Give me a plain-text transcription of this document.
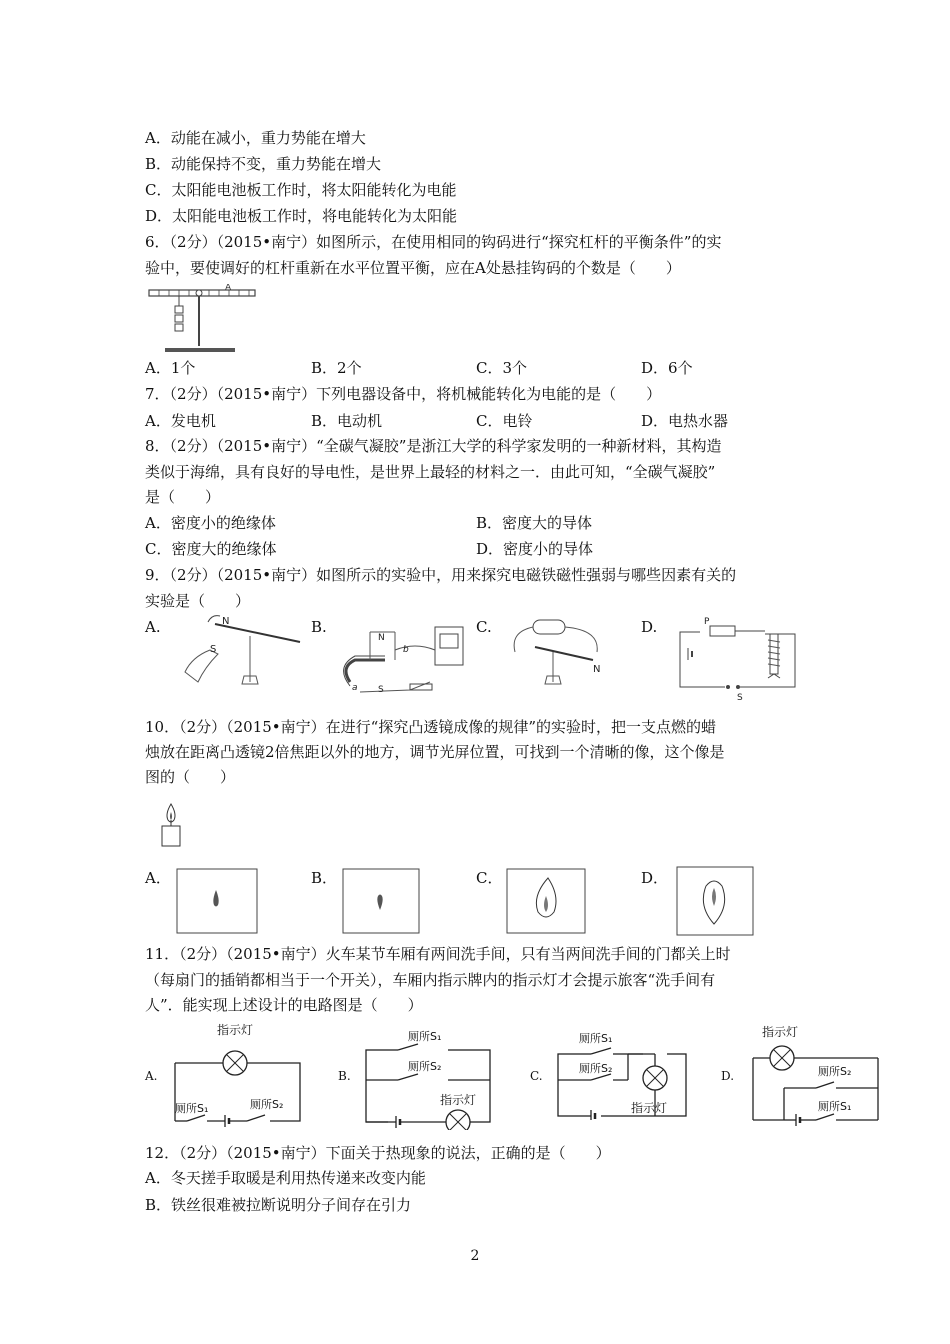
A．动能在减小，重力势能在增大
B．动能保持不变，重力势能在增大
C．太阳能电池板工作时，将太阳能转化为电能
D．太阳能电池板工作时，将电能转化为太阳能
6．（2分）（2015•南宁）如图所示，在使用相同的钩码进行“探究杠杆的平衡条件”的实
验中，要使调好的杠杆重新在水平位置平衡，应在A处悬挂钩码的个数是（　　）
A
A．1个	B．2个	C．3个	D．6个
7．（2分）（2015•南宁）下列电器设备中，将机械能转化为电能的是（　　）
A．发电机	B．电动机	C．电铃	D．电热水器
8．（2分）（2015•南宁）“全碳气凝胶”是浙江大学的科学家发明的一种新材料，其构造
类似于海绵，具有良好的导电性，是世界上最轻的材料之一．由此可知，“全碳气凝胶”
是（　　）
A．密度小的绝缘体	B．密度大的导体
C．密度大的绝缘体	D．密度小的导体
9．（2分）（2015•南宁）如图所示的实验中，用来探究电磁铁磁性强弱与哪些因素有关的
实验是（　　）
A.	B.	C.	D.
N
S
N
S
a
b
N
P
S
10．（2分）（2015•南宁）在进行“探究凸透镜成像的规律”的实验时，把一支点燃的蜡
烛放在距离凸透镜2倍焦距以外的地方，调节光屏位置，可找到一个清晰的像，这个像是
图的（　　）
A．	B．	C．	D．
11．（2分）（2015•南宁）火车某节车厢有两间洗手间，只有当两间洗手间的门都关上时
（每扇门的插销都相当于一个开关），车厢内指示牌内的指示灯才会提示旅客“洗手间有
人”．能实现上述设计的电路图是（　　）
A.	B.	C.	D.
指示灯
厕所S₁	厕所S₂
厕所S₁
厕所S₂
指示灯
厕所S₁
厕所S₂
指示灯
指示灯
厕所S₂
厕所S₁
12．（2分）（2015•南宁）下面关于热现象的说法，正确的是（　　）
A．冬天搓手取暖是利用热传递来改变内能
B．铁丝很难被拉断说明分子间存在引力
2
